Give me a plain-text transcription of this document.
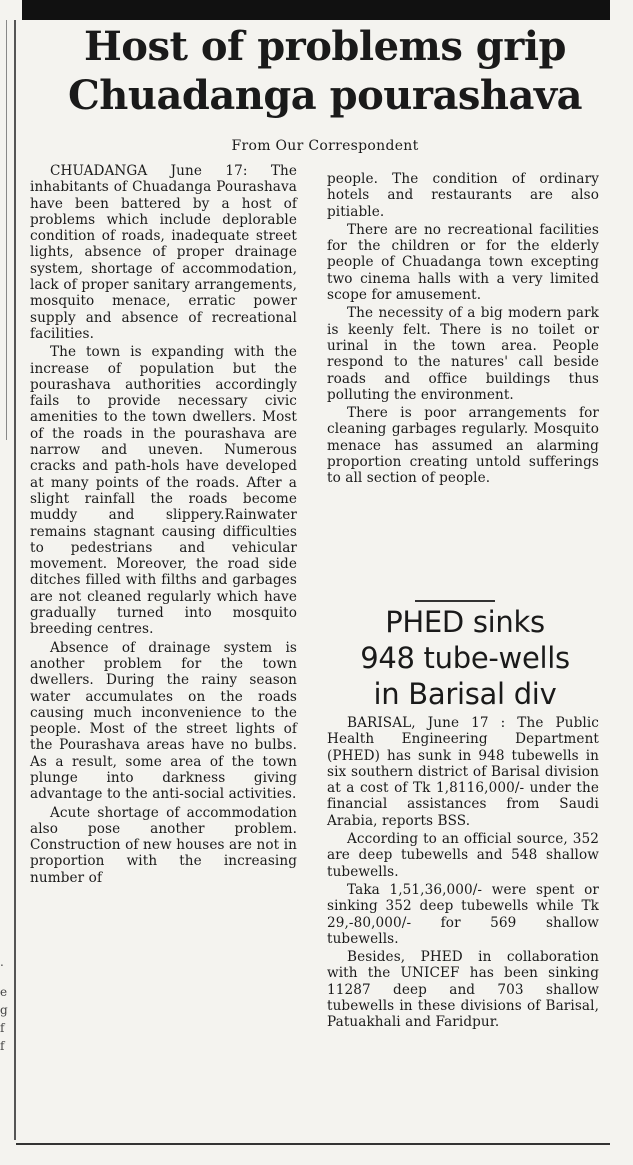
.
e
g
f
f
Host of problems grip Chuadanga pourashava
From Our Correspondent

CHUADANGA June 17: The inhabitants of Chuadanga Pourashava have been battered by a host of problems which include deplorable condition of roads, inadequate street lights, absence of proper drainage system, shortage of accommodation, lack of proper sanitary arrangements, mosquito menace, erratic power supply and absence of recreational facilities.

The town is expanding with the increase of population but the pourashava authorities accordingly fails to provide necessary civic amenities to the town dwellers. Most of the roads in the pourashava are narrow and uneven. Numerous cracks and path-hols have developed at many points of the roads. After a slight rainfall the roads become muddy and slippery.Rainwater remains stagnant causing difficulties to pedestrians and vehicular movement. Moreover, the road side ditches filled with filths and garbages are not cleaned regularly which have gradually turned into mosquito breeding centres.

Absence of drainage system is another problem for the town dwellers. During the rainy season water accumulates on the roads causing much inconvenience to the people. Most of the street lights of the Pourashava areas have no bulbs. As a result, some area of the town plunge into darkness giving advantage to the anti-social activities.

Acute shortage of accommodation also pose another problem. Construction of new houses are not in proportion with the increasing number of

people. The condition of ordinary hotels and restaurants are also pitiable.

There are no recreational facilities for the children or for the elderly people of Chuadanga town excepting two cinema halls with a very limited scope for amusement.

The necessity of a big modern park is keenly felt. There is no toilet or urinal in the town area. People respond to the natures' call beside roads and office buildings thus polluting the environment.

There is poor arrangements for cleaning garbages regularly. Mosquito menace has assumed an alarming proportion creating untold sufferings to all section of people.

PHED sinks
948 tube-wells
in Barisal div

BARISAL, June 17 : The Public Health Engineering Department (PHED) has sunk in 948 tubewells in six southern district of Barisal division at a cost of Tk 1,8116,000/- under the financial assistances from Saudi Arabia, reports BSS.

According to an official source, 352 are deep tubewells and 548 shallow tubewells.

Taka 1,51,36,000/- were spent or sinking 352 deep tubewells while Tk 29,-80,000/- for 569 shallow tubewells.

Besides, PHED in collaboration with the UNICEF has been sinking 11287 deep and 703 shallow tubewells in these divisions of Barisal, Patuakhali and Faridpur.
